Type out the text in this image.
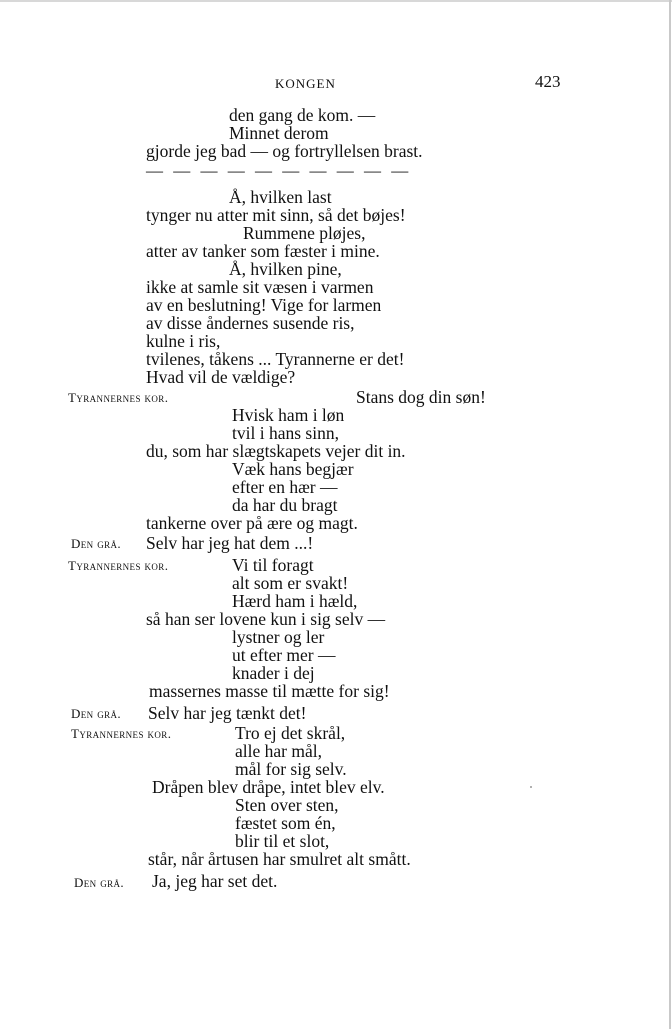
KONGEN	423
den gang de kom. —
Minnet derom
gjorde jeg bad — og fortryllelsen brast.
— — — — — — — — — —
Å, hvilken last
tynger nu atter mit sinn, så det bøjes!
Rummene pløjes,
atter av tanker som fæster i mine.
Å, hvilken pine,
ikke at samle sit væsen i varmen
av en beslutning! Vige for larmen
av disse åndernes susende ris,
kulne i ris,
tvilenes, tåkens ... Tyrannerne er det!
Hvad vil de vældige?
Tyrannernes kor.	Stans dog din søn!
Hvisk ham i løn
tvil i hans sinn,
du, som har slægtskapets vejer dit in.
Væk hans begjær
efter en hær —
da har du bragt
tankerne over på ære og magt.
Den grå. Selv har jeg hat dem ...!
Tyrannernes kor.	Vi til foragt
alt som er svakt!
Hærd ham i hæld,
så han ser lovene kun i sig selv —
lystner og ler
ut efter mer —
knader i dej
massernes masse til mætte for sig!
Den grå. Selv har jeg tænkt det!
Tyrannernes kor.	Tro ej det skrål,
alle har mål,
mål for sig selv.
Dråpen blev dråpe, intet blev elv.
Sten over sten,
fæstet som én,
blir til et slot,
står, når årtusen har smulret alt smått.
Den grå. Ja, jeg har set det.
